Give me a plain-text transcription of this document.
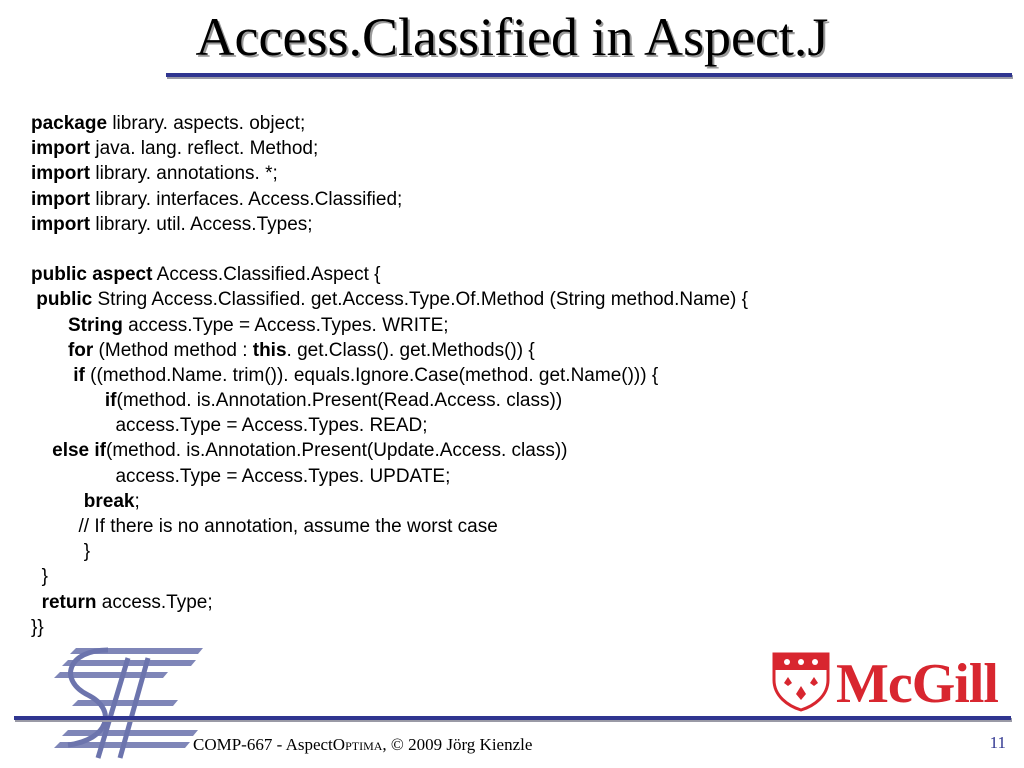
Access.Classified in Aspect.J
package library. aspects. object;
import java. lang. reflect. Method;
import library. annotations. *;
import library. interfaces. Access.Classified;
import library. util. Access.Types;
public aspect Access.Classified.Aspect {
public String Access.Classified. get.Access.Type.Of.Method (String method.Name) {
String access.Type = Access.Types. WRITE;
for (Method method : this. get.Class(). get.Methods()) {
if ((method.Name. trim()). equals.Ignore.Case(method. get.Name())) {
if(method. is.Annotation.Present(Read.Access. class))
access.Type = Access.Types. READ;
else if(method. is.Annotation.Present(Update.Access. class))
access.Type = Access.Types. UPDATE;
break;
// If there is no annotation, assume the worst case
}
}
return access.Type;
}}
McGill
COMP-667 - AspectOPTIMA, © 2009 Jörg Kienzle	11
